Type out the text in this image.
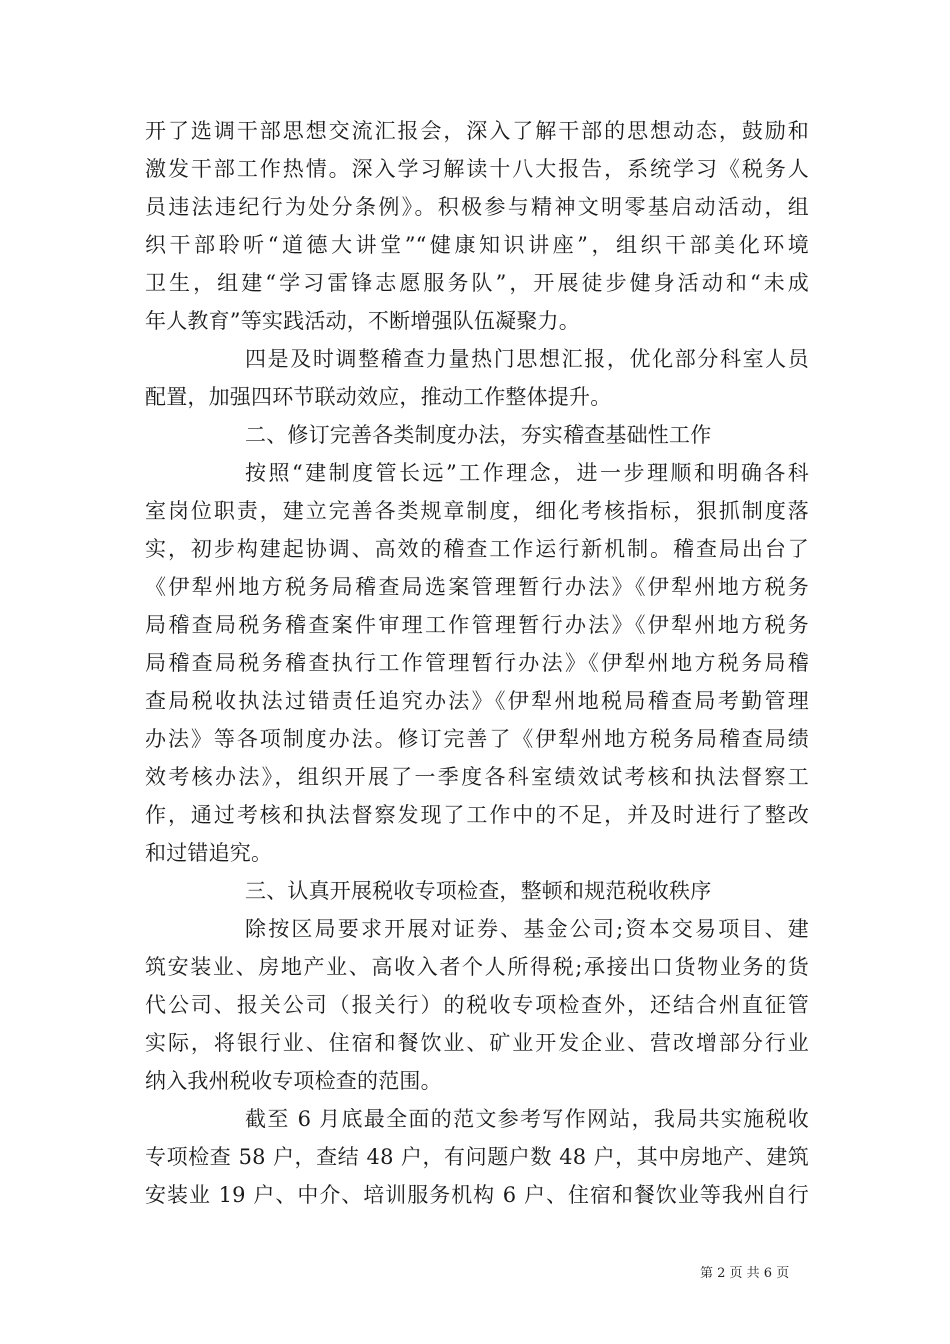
开了选调干部思想交流汇报会，深入了解干部的思想动态，鼓励和
激发干部工作热情。深入学习解读十八大报告，系统学习《税务人
员违法违纪行为处分条例》。积极参与精神文明零基启动活动，组
织干部聆听“道德大讲堂”“健康知识讲座”，组织干部美化环境
卫生，组建“学习雷锋志愿服务队”，开展徒步健身活动和“未成
年人教育”等实践活动，不断增强队伍凝聚力。
四是及时调整稽查力量热门思想汇报，优化部分科室人员
配置，加强四环节联动效应，推动工作整体提升。
二、修订完善各类制度办法，夯实稽查基础性工作
按照“建制度管长远”工作理念，进一步理顺和明确各科
室岗位职责，建立完善各类规章制度，细化考核指标，狠抓制度落
实，初步构建起协调、高效的稽查工作运行新机制。稽查局出台了
《伊犁州地方税务局稽查局选案管理暂行办法》《伊犁州地方税务
局稽查局税务稽查案件审理工作管理暂行办法》《伊犁州地方税务
局稽查局税务稽查执行工作管理暂行办法》《伊犁州地方税务局稽
查局税收执法过错责任追究办法》《伊犁州地税局稽查局考勤管理
办法》等各项制度办法。修订完善了《伊犁州地方税务局稽查局绩
效考核办法》，组织开展了一季度各科室绩效试考核和执法督察工
作，通过考核和执法督察发现了工作中的不足，并及时进行了整改
和过错追究。
三、认真开展税收专项检查，整顿和规范税收秩序
除按区局要求开展对证券、基金公司;资本交易项目、建
筑安装业、房地产业、高收入者个人所得税;承接出口货物业务的货
代公司、报关公司（报关行）的税收专项检查外，还结合州直征管
实际，将银行业、住宿和餐饮业、矿业开发企业、营改增部分行业
纳入我州税收专项检查的范围。
截至 6 月底最全面的范文参考写作网站，我局共实施税收
专项检查 58 户，查结 48 户，有问题户数 48 户，其中房地产、建筑
安装业 19 户、中介、培训服务机构 6 户、住宿和餐饮业等我州自行
第 2 页 共 6 页
